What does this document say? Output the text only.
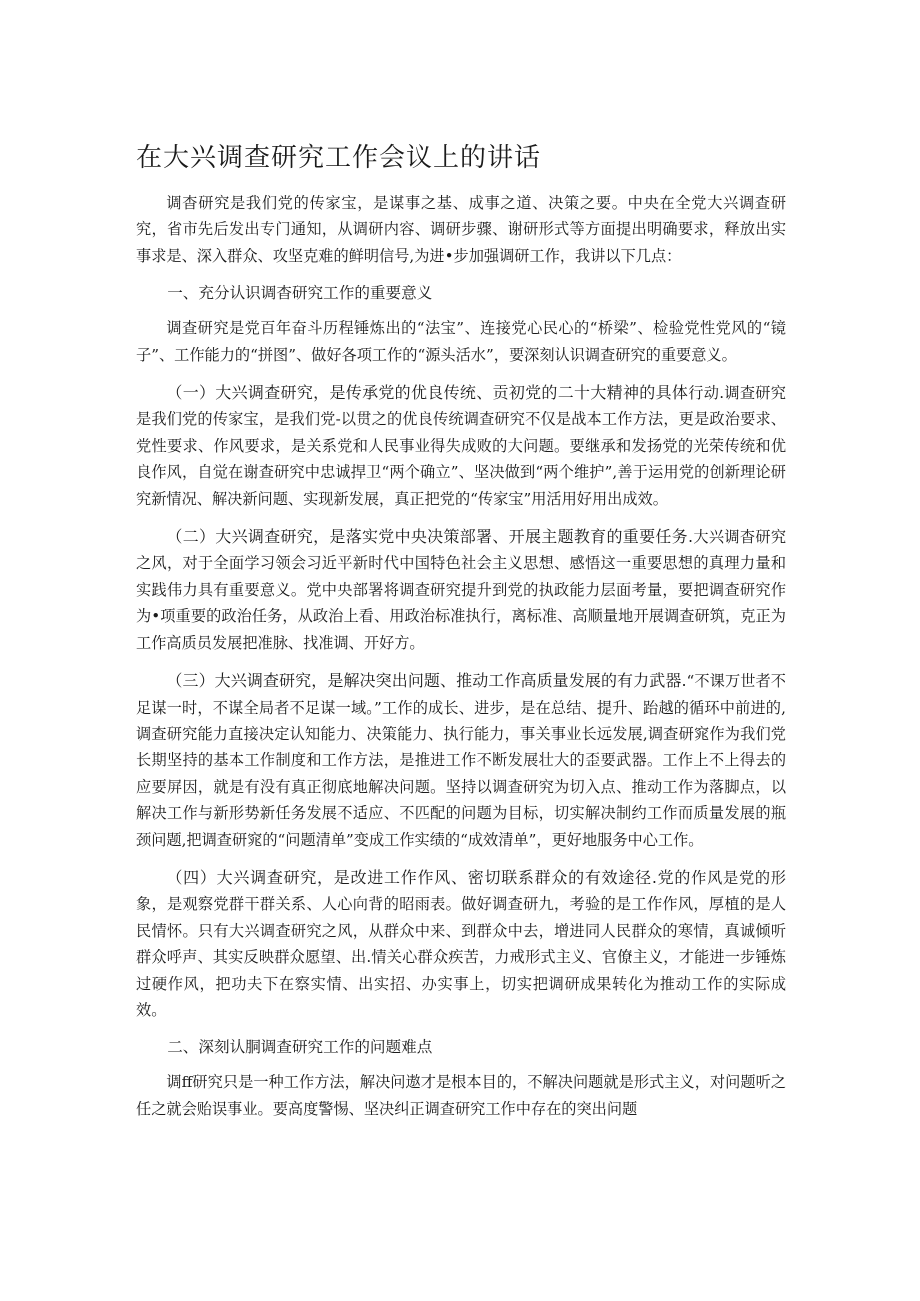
在大兴调查研究工作会议上的讲话

调杳研究是我们党的传家宝，是谋事之基、成事之道、决策之要。中央在全党大兴调查研究，省市先后发出专门通知，从调研内容、调研步骤、谢研形式等方面提出明确要求，释放出实事求是、深入群众、攻坚克难的鲜明信号,为进•步加强调研工作，我讲以下几点：

一、充分认识调杳研究工作的重要意义

调查研究是党百年奋斗历程锤炼出的“法宝”、连接党心民心的“桥梁”、检验党性党风的“镜子”、工作能力的“拼图”、做好各项工作的“源头活水”，要深刻认识调查研究的重要意义。

（一）大兴调查研究，是传承党的优良传统、贡初党的二十大精神的具体行动.调查研究是我们党的传家宝，是我们党-以贯之的优良传统调查研究不仅是战本工作方法，更是政治要求、党性要求、作风要求，是关系党和人民事业得失成败的大问题。要继承和发扬党的光荣传统和优良作风，自觉在谢查研究中忠诚捍卫“两个确立”、坚决做到“两个维护”,善于运用党的创新理论研究新情况、解决新问题、实现新发展，真正把党的“传家宝”用活用好用出成效。

（二）大兴调查研究，是落实党中央决策部署、开展主题教育的重要任务.大兴调杳研究之风，对于全面学习领会习近平新时代中国特色社会主义思想、感悟这一重要思想的真理力量和实践伟力具有重要意义。党中央部署将调查研究提升到党的执政能力层面考量，要把调查研究作为•项重要的政治任务，从政治上看、用政治标准执行，离标准、高顺量地开展调查研筑，克正为工作高质员发展把准脉、找准调、开好方。

（三）大兴调查研究，是解决突出问题、推动工作高质量发展的有力武器.“不课万世者不足谋一时，不谋全局者不足谋一域。”工作的成长、进步，是在总结、提升、跆越的循环中前进的,调查研究能力直接决定认知能力、决策能力、执行能力，事关事业长远发展,调查研窕作为我们党长期坚持的基本工作制度和工作方法，是推进工作不断发展壮大的歪要武器。工作上不上得去的应要屏因，就是有没有真正彻底地解决问题。坚持以调查研究为切入点、推动工作为落脚点，以解决工作与新形势新任务发展不适应、不匹配的问题为目标，切实解决制约工作而质量发展的瓶颈问题,把调查研窕的“问题清单”变成工作实绩的“成效清单”，更好地服务中心工作。

（四）大兴调查研究，是改进工作作风、密切联系群众的有效途径.党的作风是党的形象，是观察党群干群关系、人心向背的昭雨表。做好调查研九，考验的是工作作风，厚植的是人民情怀。只有大兴调查研究之风，从群众中来、到群众中去，增进同人民群众的寒情，真诚倾听群众呼声、其实反映群众愿望、出.情关心群众疾苦，力戒形式主义、官僚主义，才能进一步锤炼过硬作风，把功夫下在察实情、出实招、办实事上，切实把调研成果转化为推动工作的实际成效。

二、深刻认胴调查研究工作的问题难点

调ff研究只是一种工作方法，解决问遨才是根本目的，不解决问题就是形式主义，对问题听之任之就会贻误事业。要高度警惕、坚决纠正调查研究工作中存在的突出问题
